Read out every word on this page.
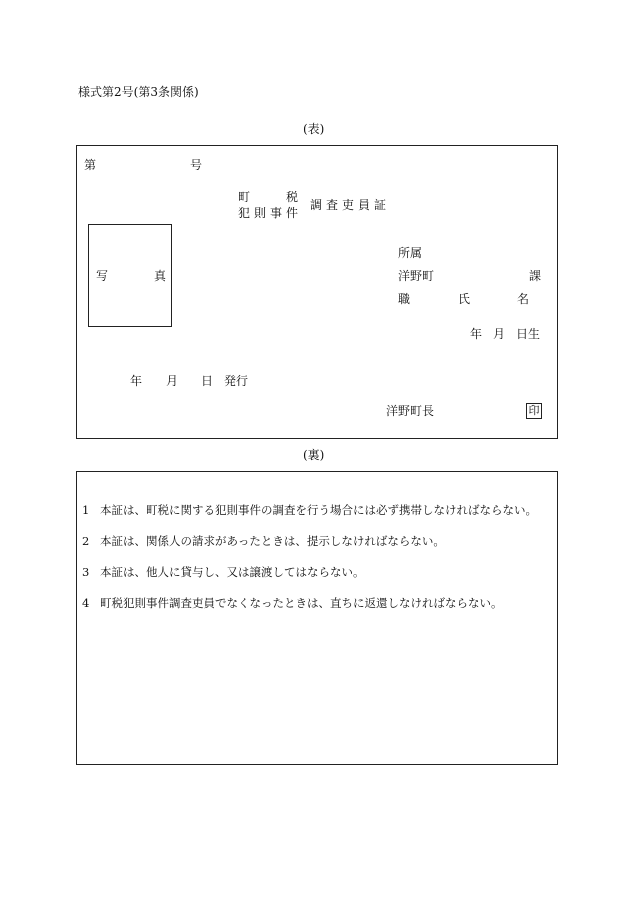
様式第2号(第3条関係)
(表)
第	号
町	税
犯 則 事 件
調査吏員証
写	真
所属
洋野町	課
職	氏	名
年 月 日生
年 月 日 発行
洋野町長	印
(裏)
1 本証は、町税に関する犯則事件の調査を行う場合には必ず携帯しなければならない。
2 本証は、関係人の請求があったときは、提示しなければならない。
3 本証は、他人に貸与し、又は譲渡してはならない。
4 町税犯則事件調査吏員でなくなったときは、直ちに返還しなければならない。
